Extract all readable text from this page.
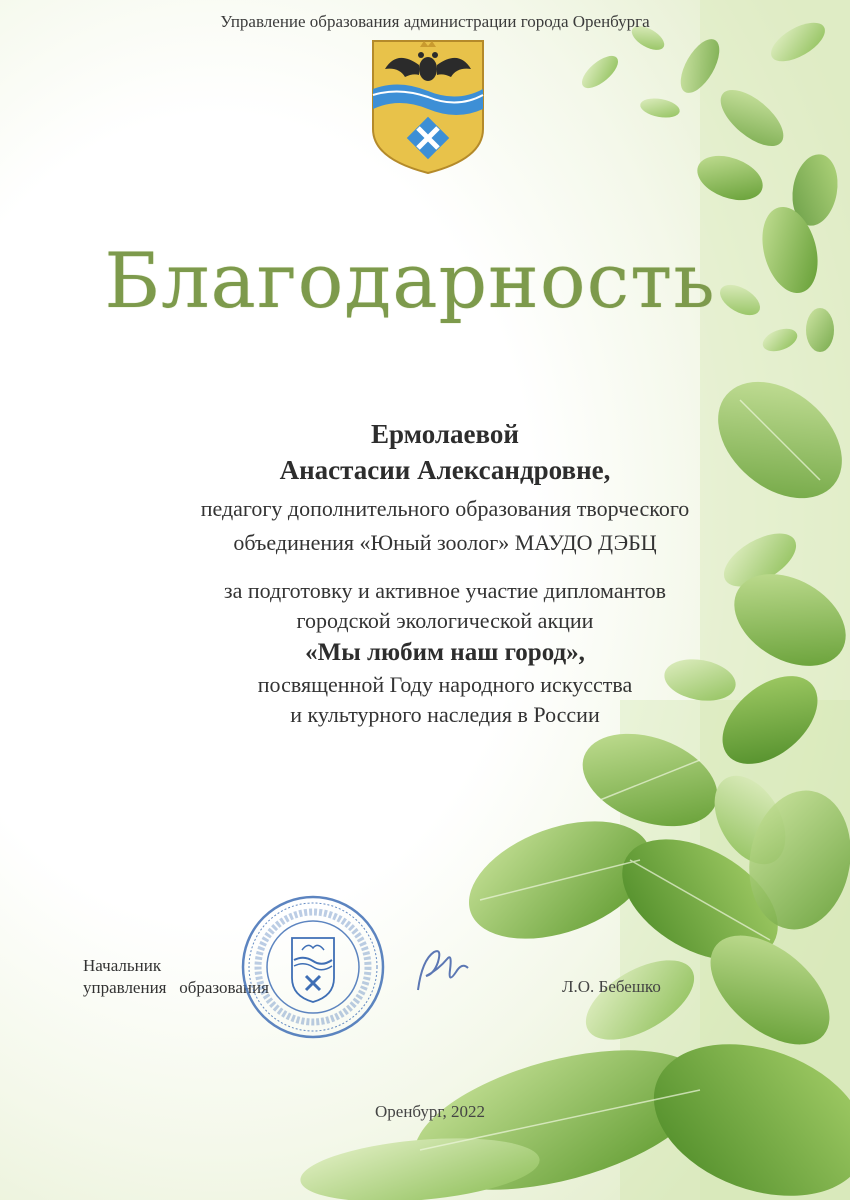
Управление образования администрации города Оренбурга
Благодарность
Ермолаевой
Анастасии Александровне,
педагогу дополнительного образования творческого
объединения «Юный зоолог» МАУДО ДЭБЦ
за подготовку и активное участие дипломантов
городской экологической акции
«Мы любим наш город»,
посвященной Году народного искусства
и культурного наследия в России
Начальник
управления   образования	Л.О. Бебешко
Оренбург, 2022
